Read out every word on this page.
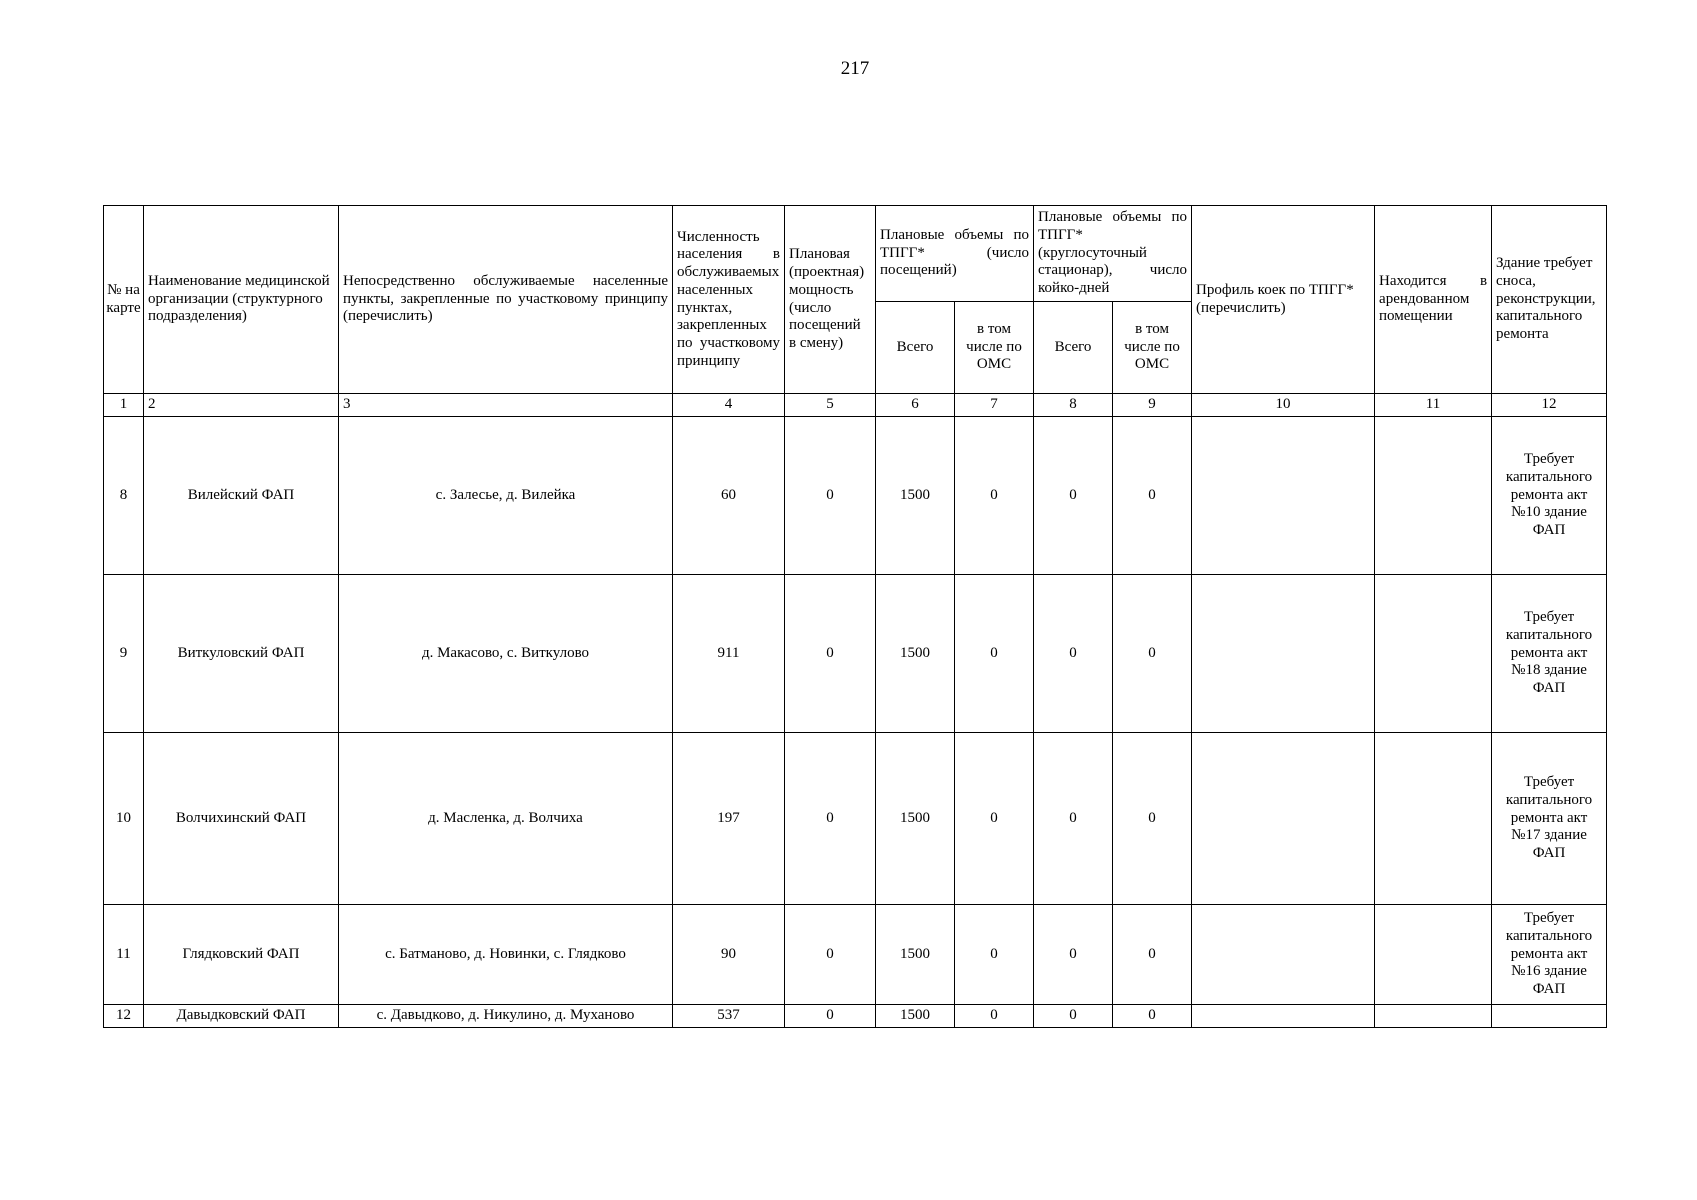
217
№ на карте	Наименование медицинской организации (структурного подразделения)	Непосредственно обслуживаемые населенные пункты, закрепленные по участковому принципу (перечислить)	Численность населения в обслуживаемых населенных пунктах, закрепленных по участковому принципу	Плановая (проектная) мощность (число посещений в смену)	Плановые объемы по ТПГГ* (число посещений)		Плановые объемы по ТПГГ* (круглосуточный стационар), число койко-дней		Профиль коек по ТПГГ* (перечислить)	Находится в арендованном помещении	Здание требует сноса, реконструкции, капитального ремонта
					Всего	в том числе по ОМС	Всего	в том числе по ОМС			
1	2	3	4	5	6	7	8	9	10	11	12
8	Вилейский ФАП	с. Залесье, д. Вилейка	60	0	1500	0	0	0			Требует капитального ремонта акт №10 здание ФАП
9	Виткуловский ФАП	д. Макасово, с. Виткулово	911	0	1500	0	0	0			Требует капитального ремонта акт №18 здание ФАП
10	Волчихинский ФАП	д. Масленка, д. Волчиха	197	0	1500	0	0	0			Требует капитального ремонта акт №17 здание ФАП
11	Глядковский ФАП	с. Батманово, д. Новинки, с. Глядково	90	0	1500	0	0	0			Требует капитального ремонта акт №16 здание ФАП
12	Давыдковский ФАП	с. Давыдково, д. Никулино, д. Муханово	537	0	1500	0	0	0			
